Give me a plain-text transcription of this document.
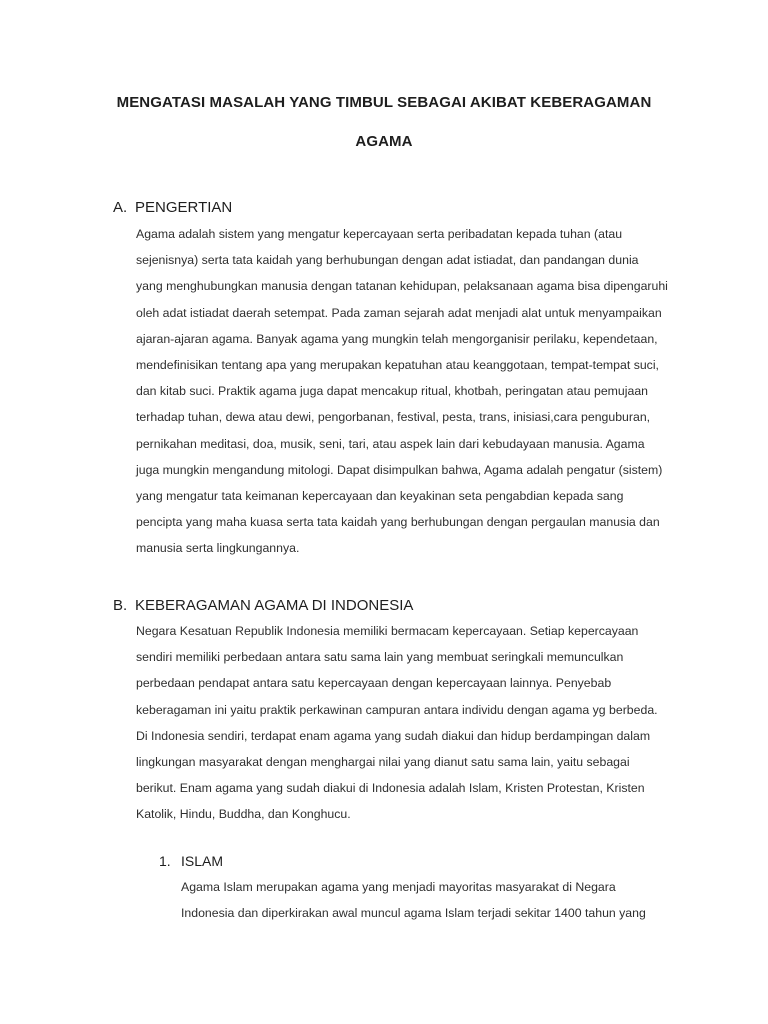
MENGATASI MASALAH YANG TIMBUL SEBAGAI AKIBAT KEBERAGAMAN
AGAMA
A. PENGERTIAN
Agama adalah sistem yang mengatur kepercayaan serta peribadatan kepada tuhan (atau
sejenisnya) serta tata kaidah yang berhubungan dengan adat istiadat, dan pandangan dunia
yang menghubungkan manusia dengan tatanan kehidupan, pelaksanaan agama bisa dipengaruhi
oleh adat istiadat daerah setempat. Pada zaman sejarah adat menjadi alat untuk menyampaikan
ajaran-ajaran agama. Banyak agama yang mungkin telah mengorganisir perilaku, kependetaan,
mendefinisikan tentang apa yang merupakan kepatuhan atau keanggotaan, tempat-tempat suci,
dan kitab suci. Praktik agama juga dapat mencakup ritual, khotbah, peringatan atau pemujaan
terhadap tuhan, dewa atau dewi, pengorbanan, festival, pesta, trans, inisiasi,cara penguburan,
pernikahan meditasi, doa, musik, seni, tari, atau aspek lain dari kebudayaan manusia. Agama
juga mungkin mengandung mitologi. Dapat disimpulkan bahwa, Agama adalah pengatur (sistem)
yang mengatur tata keimanan kepercayaan dan keyakinan seta pengabdian kepada sang
pencipta yang maha kuasa serta tata kaidah yang berhubungan dengan pergaulan manusia dan
manusia serta lingkungannya.
B. KEBERAGAMAN AGAMA DI INDONESIA
Negara Kesatuan Republik Indonesia memiliki bermacam kepercayaan. Setiap kepercayaan
sendiri memiliki perbedaan antara satu sama lain yang membuat seringkali memunculkan
perbedaan pendapat antara satu kepercayaan dengan kepercayaan lainnya. Penyebab
keberagaman ini yaitu praktik perkawinan campuran antara individu dengan agama yg berbeda.
Di Indonesia sendiri, terdapat enam agama yang sudah diakui dan hidup berdampingan dalam
lingkungan masyarakat dengan menghargai nilai yang dianut satu sama lain, yaitu sebagai
berikut. Enam agama yang sudah diakui di Indonesia adalah Islam, Kristen Protestan, Kristen
Katolik, Hindu, Buddha, dan Konghucu.
1. ISLAM
Agama Islam merupakan agama yang menjadi mayoritas masyarakat di Negara
Indonesia dan diperkirakan awal muncul agama Islam terjadi sekitar 1400 tahun yang
